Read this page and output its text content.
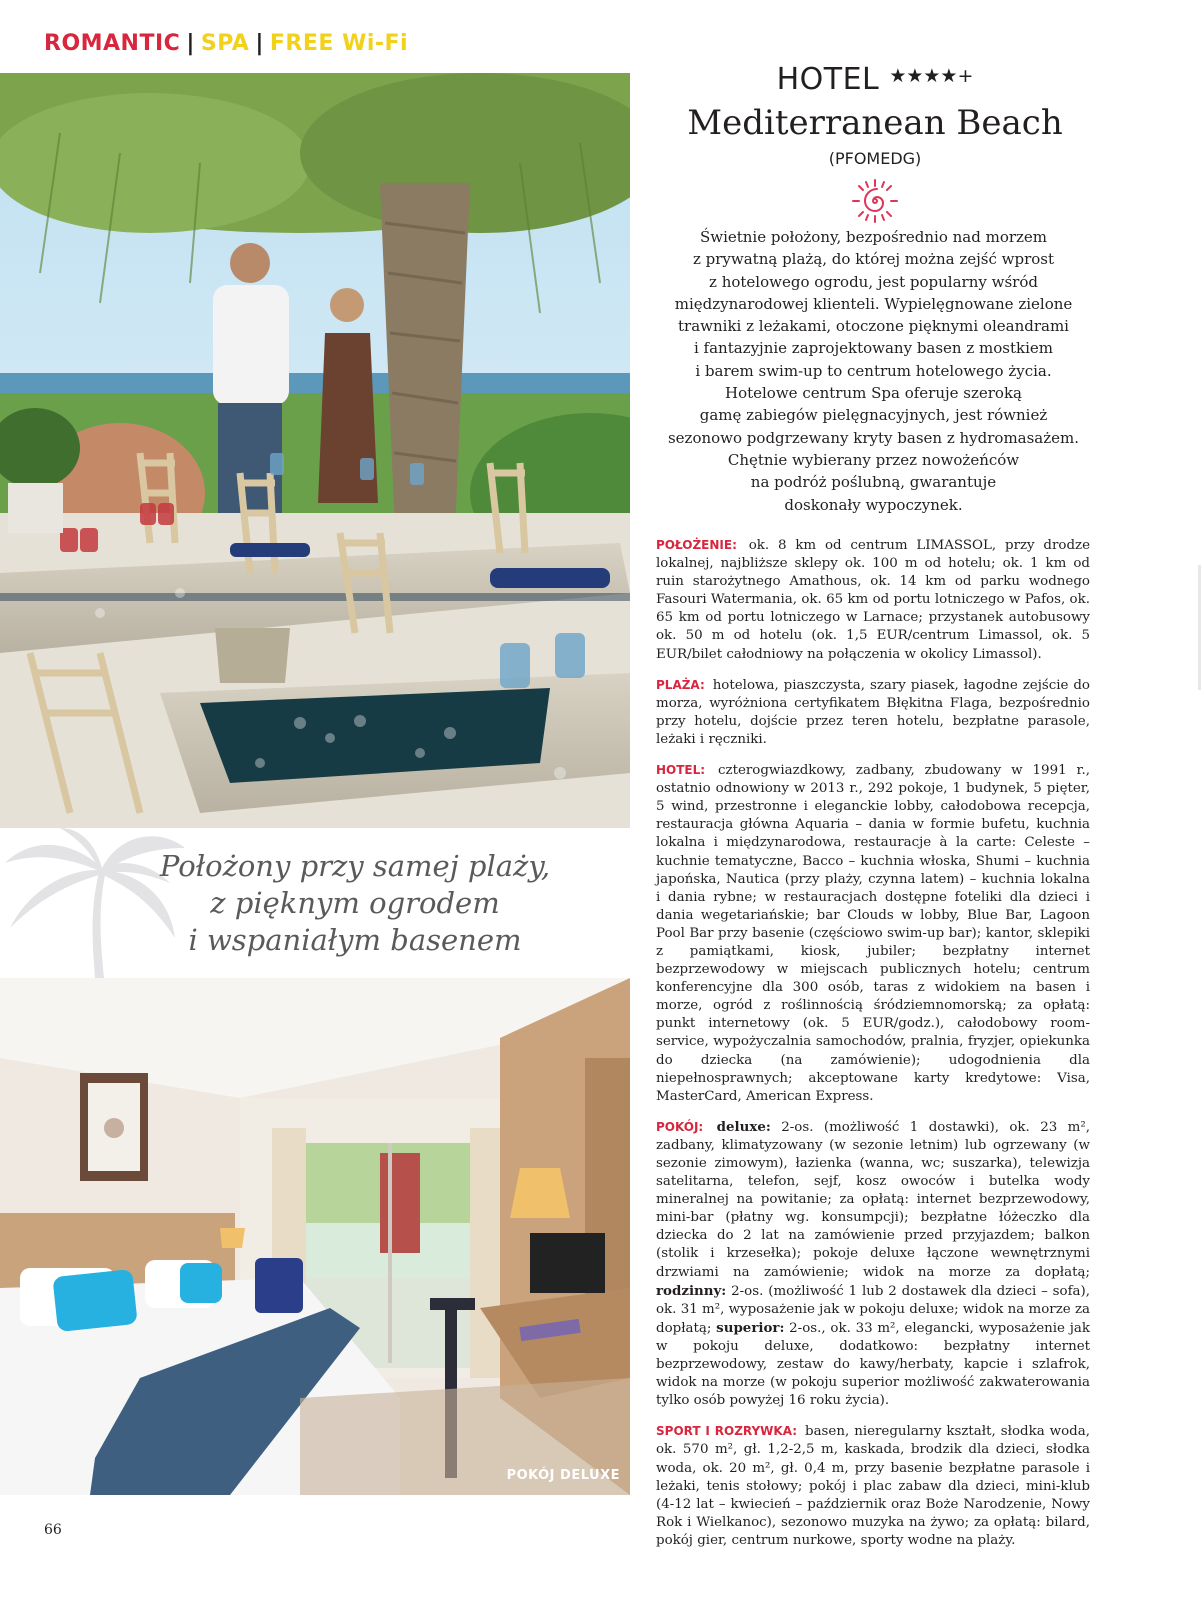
ROMANTIC | SPA | FREE Wi-Fi
Położony przy samej plaży,
z pięknym ogrodem
i wspaniałym basenem
POKÓJ DELUXE
HOTEL ★★★★+
Mediterranean Beach
(PFOMEDG)
Świetnie położony, bezpośrednio nad morzem
z prywatną plażą, do której można zejść wprost
z hotelowego ogrodu, jest popularny wśród
międzynarodowej klienteli. Wypielęgnowane zielone
trawniki z leżakami, otoczone pięknymi oleandrami
i fantazyjnie zaprojektowany basen z mostkiem
i barem swim-up to centrum hotelowego życia.
Hotelowe centrum Spa oferuje szeroką
gamę zabiegów pielęgnacyjnych, jest również
sezonowo podgrzewany kryty basen z hydromasażem.
Chętnie wybierany przez nowożeńców
na podróż poślubną, gwarantuje
doskonały wypoczynek.

POŁOŻENIE: ok. 8 km od centrum LIMASSOL, przy drodze lokalnej, najbliższe sklepy ok. 100 m od hotelu; ok. 1 km od ruin starożytnego Amathous, ok. 14 km od parku wodnego Fasouri Watermania, ok. 65 km od portu lotniczego w Pafos, ok. 65 km od portu lotniczego w Larnace; przystanek autobusowy ok. 50 m od hotelu (ok. 1,5 EUR/centrum Limassol, ok. 5 EUR/bilet całodniowy na połączenia w okolicy Limassol).

PLAŻA: hotelowa, piaszczysta, szary piasek, łagodne zejście do morza, wyróżniona certyfikatem Błękitna Flaga, bezpośrednio przy hotelu, dojście przez teren hotelu, bezpłatne parasole, leżaki i ręczniki.

HOTEL: czterogwiazdkowy, zadbany, zbudowany w 1991 r., ostatnio odnowiony w 2013 r., 292 pokoje, 1 budynek, 5 pięter, 5 wind, przestronne i eleganckie lobby, całodobowa recepcja, restauracja główna Aquaria – dania w formie bufetu, kuchnia lokalna i międzynarodowa, restauracje à la carte: Celeste – kuchnie tematyczne, Bacco – kuchnia włoska, Shumi – kuchnia japońska, Nautica (przy plaży, czynna latem) – kuchnia lokalna i dania rybne; w restauracjach dostępne foteliki dla dzieci i dania wegetariańskie; bar Clouds w lobby, Blue Bar, Lagoon Pool Bar przy basenie (częściowo swim-up bar); kantor, sklepiki z pamiątkami, kiosk, jubiler; bezpłatny internet bezprzewodowy w miejscach publicznych hotelu; centrum konferencyjne dla 300 osób, taras z widokiem na basen i morze, ogród z roślinnością śródziemnomorską; za opłatą: punkt internetowy (ok. 5 EUR/godz.), całodobowy room-service, wypożyczalnia samochodów, pralnia, fryzjer, opiekunka do dziecka (na zamówienie); udogodnienia dla niepełnosprawnych; akceptowane karty kredytowe: Visa, MasterCard, American Express.

POKÓJ: deluxe: 2-os. (możliwość 1 dostawki), ok. 23 m², zadbany, klimatyzowany (w sezonie letnim) lub ogrzewany (w sezonie zimowym), łazienka (wanna, wc; suszarka), telewizja satelitarna, telefon, sejf, kosz owoców i butelka wody mineralnej na powitanie; za opłatą: internet bezprzewodowy, mini-bar (płatny wg. konsumpcji); bezpłatne łóżeczko dla dziecka do 2 lat na zamówienie przed przyjazdem; balkon (stolik i krzesełka); pokoje deluxe łączone wewnętrznymi drzwiami na zamówienie; widok na morze za dopłatą; rodzinny: 2-os. (możliwość 1 lub 2 dostawek dla dzieci – sofa), ok. 31 m², wyposażenie jak w pokoju deluxe; widok na morze za dopłatą; superior: 2-os., ok. 33 m², elegancki, wyposażenie jak w pokoju deluxe, dodatkowo: bezpłatny internet bezprzewodowy, zestaw do kawy/herbaty, kapcie i szlafrok, widok na morze (w pokoju superior możliwość zakwaterowania tylko osób powyżej 16 roku życia).

SPORT I ROZRYWKA: basen, nieregularny kształt, słodka woda, ok. 570 m², gł. 1,2-2,5 m, kaskada, brodzik dla dzieci, słodka woda, ok. 20 m², gł. 0,4 m, przy basenie bezpłatne parasole i leżaki, tenis stołowy; pokój i plac zabaw dla dzieci, mini-klub (4-12 lat – kwiecień – październik oraz Boże Narodzenie, Nowy Rok i Wielkanoc), sezonowo muzyka na żywo; za opłatą: bilard, pokój gier, centrum nurkowe, sporty wodne na plaży.

66
